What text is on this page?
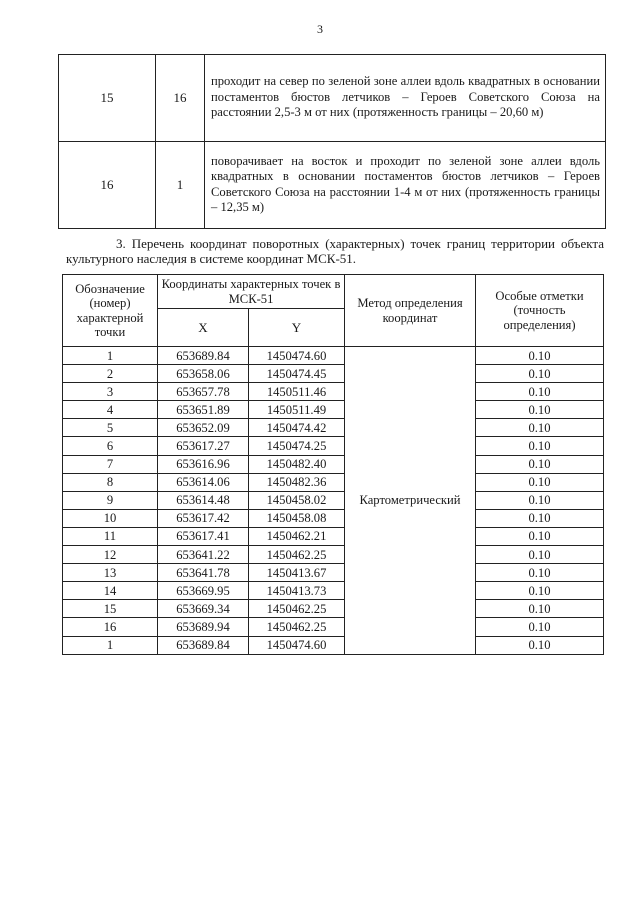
3
15	16	проходит на север по зеленой зоне аллеи вдоль квадратных в основании постаментов бюстов летчиков – Героев Советского Союза на расстоянии 2,5-3 м от них (протяженность границы – 20,60 м)
16	1	поворачивает на восток и проходит по зеленой зоне аллеи вдоль квадратных в основании постаментов бюстов летчиков – Героев Советского Союза на расстоянии 1-4 м от них (протяженность границы – 12,35 м)
3. Перечень координат поворотных (характерных) точек границ территории объекта культурного наследия в системе координат МСК-51.
Обозначение (номер) характерной точки	Координаты характерных точек в МСК-51		Метод определения координат	Особые отметки (точность определения)
	X	Y		
1	653689.84	1450474.60	Картометрический	0.10
2	653658.06	1450474.45		0.10
3	653657.78	1450511.46		0.10
4	653651.89	1450511.49		0.10
5	653652.09	1450474.42		0.10
6	653617.27	1450474.25		0.10
7	653616.96	1450482.40		0.10
8	653614.06	1450482.36		0.10
9	653614.48	1450458.02		0.10
10	653617.42	1450458.08		0.10
11	653617.41	1450462.21		0.10
12	653641.22	1450462.25		0.10
13	653641.78	1450413.67		0.10
14	653669.95	1450413.73		0.10
15	653669.34	1450462.25		0.10
16	653689.94	1450462.25		0.10
1	653689.84	1450474.60		0.10
